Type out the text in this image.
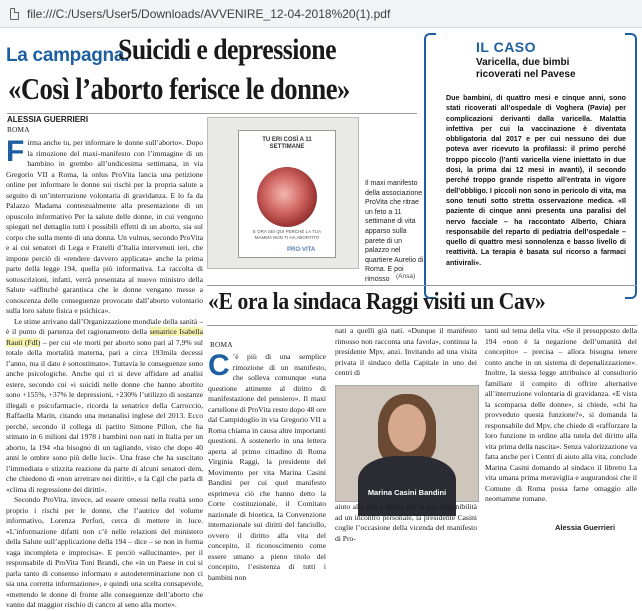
file:///C:/Users/User5/Downloads/AVVENIRE_12-04-2018%20(1).pdf
La campagna.
Suicidi e depressione
«Così l’aborto ferisce le donne»
ALESSIA GUERRIERI
ROMA
F irma anche tu, per informare le donne sull’aborto». Dopo la rimozione del maxi-manifesto con l’immagine di un bambino in grembo all’undicesima settimana, in via Gregorio VII a Roma, la onlus ProVita lancia una petizione online per informare le donne sui rischi per la propria salute a seguito di un’interruzione volontaria di gravidanza. E lo fa da Palazzo Madama contestualmente alla presentazione di un opuscolo informativo Per la salute delle donne, in cui vengono spiegati nel dettaglio tutti i possibili effetti di un aborto, sia sul corpo che sulla mente di una donna. Un vulnus, secondo ProVita e ai cui senatori di Lega e Fratelli d’Italia intervenuti ieri, che impone perciò di «rendere davvero applicata» anche la prima parte della legge 194, quella più informativa. La raccolta di sottoscrizioni, infatti, verrà presentata al nuovo ministro della Salute «affinché garantisca che le donne vengano messe a conoscenza delle conseguenze provocate dall’aborto volontario sulla loro salute fisica e psichica».

Le stime arrivano dall’Organizzazione mondiale della sanità – è il punto di partenza del ragionamento della senatrice Isabella Rauti (FdI) – per cui «le morti per aborto sono pari al 7,9% sul totale della mortalità materna, pari a circa 193mila decessi l’anno, ma il dato è sottostimato». Tuttavia le conseguenze sono anche psicologiche. Anche qui ci si deve affidare ad analisi estere, secondo cui «i suicidi nelle donne che hanno abortito sono +155%, +37% le depressioni, +230% l’utilizzo di sostanze illegali e psicofarmaci», ricorda la senatrice della Carroccio, Raffaella Marin, citando una metanalisi inglese del 2013. Ecco perché, secondo il collega di partito Simone Pillon, che ha stimato in 6 milioni dal 1978 i bambini non nati in Italia per un aborto, la 194 «ha bisogno di un tagliando, visto che dopo 40 anni le ombre sono più delle luci». Una frase che ha suscitato l’immediata e stizzita reazione da parte di alcuni senatori dem, che chiedono di «non arretrare nei diritti», e la Cgil che parla di «clima di regressione dei diritti».

Secondo ProVita, invece, ad essere omessi nella realtà sono proprio i rischi per le donne, che l’autrice del volume informativo, Lorenza Perfori, cerca di mettere in luce. «L’informazione difatti non c’è nelle relazioni del ministero della Salute sull’applicazione della 194 – dice – se non in forma vaga incompleta e imprecisa». E perciò «allucinante», per il responsabile di ProVita Toni Brandi, che «in un Paese in cui si parla tanto di consenso informato e autodeterminazione non ci sia una corretta informazione», e quindi una scelta consapevole, «mettendo le donne di fronte alle conseguenze dell’aborto che vanno dal maggior rischio di cancro al seno alla morte».

TU ERI COSÌ A 11 SETTIMANE
E ORA SEI QUI PERCHÉ LA TUA MAMMA NON TI HA ABORTITO
PRO·VITA
Il maxi manifesto della associazione ProVita che ritrae un feto a 11 settimane di vita apparso sulla parete di un palazzo nel quartiere Aurelio di Roma. E poi rimosso (Ansa)
IL CASO
Varicella, due bimbi ricoverati nel Pavese
Due bambini, di quattro mesi e cinque anni, sono stati ricoverati all’ospedale di Voghera (Pavia) per complicazioni derivanti dalla varicella. Malattia infettiva per cui la vaccinazione è diventata obbligatoria dal 2017 e per cui nessuno dei due poteva aver ricevuto la profilassi: il primo perché troppo piccolo (l’anti varicella viene iniettato in due dosi, la prima dai 12 mesi in avanti), il secondo perché troppo grande rispetto all’entrata in vigore dell’obbligo. I piccoli non sono in pericolo di vita, ma sono tenuti sotto stretta osservazione medica. «Il paziente di cinque anni presenta una paralisi del nervo facciale – ha raccontato Alberto, Chiara responsabile del reparto di pediatria dell’ospedale – quello di quattro mesi sonnolenza e basso livello di reattività. La terapia è basata sul ricorso a farmaci antivirali».
«E ora la sindaca Raggi visiti un Cav»
ROMA
C ’è più di una semplice rimozione di un manifesto, che solleva comunque «una questione attinente al diritto di manifestazione del pensiero». Il maxi cartellone di ProVita resto dopo 48 ore dal Campidoglio in via Gregorio VII a Roma chiama in causa altre importanti questioni. A sostenerlo in una lettera aperta al primo cittadino di Roma Virginia Raggi, la presidente del Movimento per vita Marina Casini Bandini per cui quel manifesto esprimeva ciò che hanno detto la Corte costituzionale, il Comitato nazionale di bioetica, la Convenzione internazionale sui diritti del fanciullo, ovvero il diritto alla vita del concepito, il riconoscimento come essere umano a pieno titolo del concepito, l’esistenza di tutti i bambini non

nati a quelli già nati. «Dunque il manifesto rimosso non racconta una favola», continua la presidente Mpv, anzi. Invitando ad una visita privata il sindaco della Capitale in uno dei centri di

Marina Casini Bandini

aiuto alla vita e dando poi la sua disponibilità ad un incontro personale, la presidente Casini coglie l’occasione della vicenda del manifesto di Pro-

tanti sul tema della vita. «Se il presupposto della 194 «non è la negazione dell’umanità del concepito» – precisa – allora bisogna tenere conto anche in un sistema di depenalizzazione». Inoltre, la stessa legge attribuisce al consultorio familiare il compito di offrire alternative all’interruzione volontaria di gravidanza. «E vista la scomparsa delle donne», si chiede, «chi ha provveduto questa funzione?», si domanda la responsabile del Mpv, che chiede di «rafforzare la loro funzione in ordine alla tutela del diritto alla vita prima della nascita». Senza valorizzazione va fatta anche per i Centri di aiuto alla vita, conclude Marina Casini domando al sindaco il libretto La vita umana prima meraviglia e augurandosi che il Comune di Roma possa farne omaggio alle neomamme romane.

Alessia Guerrieri
